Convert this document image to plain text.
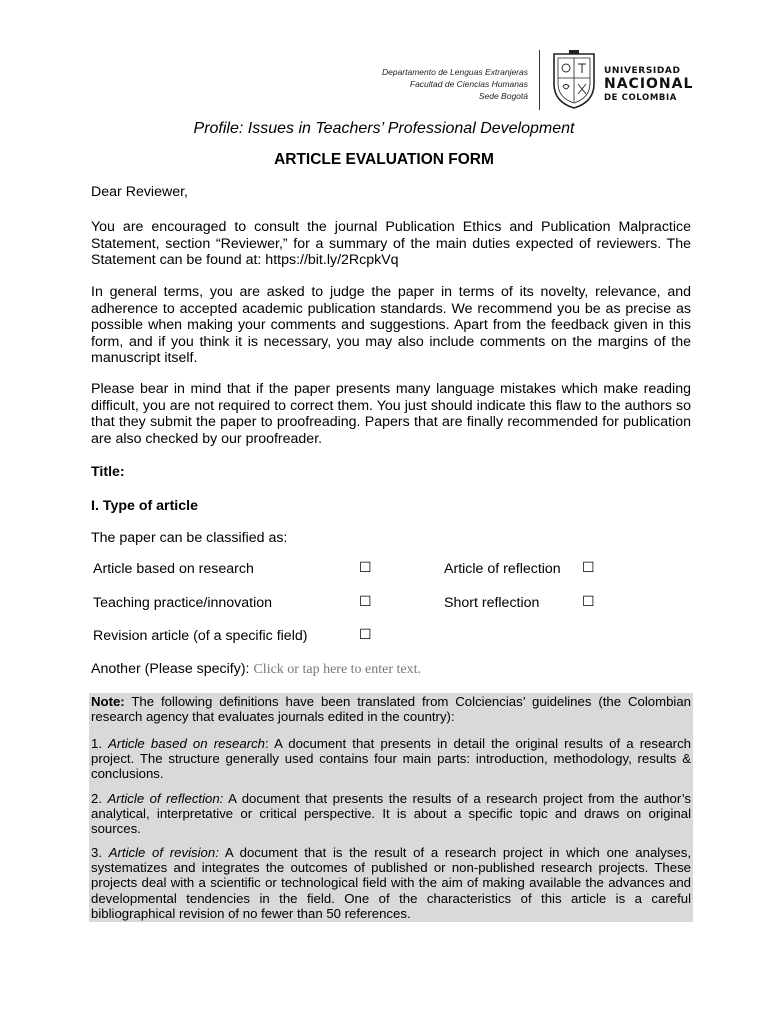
Departamento de Lenguas Extranjeras
Facultad de Ciencias Humanas
Sede Bogotá
UNIVERSIDAD
NACIONAL
DE COLOMBIA
Profile: Issues in Teachers’ Professional Development
ARTICLE EVALUATION FORM
Dear Reviewer,
You are encouraged to consult the journal Publication Ethics and Publication Malpractice Statement, section “Reviewer,” for a summary of the main duties expected of reviewers. The Statement can be found at: https://bit.ly/2RcpkVq
In general terms, you are asked to judge the paper in terms of its novelty, relevance, and adherence to accepted academic publication standards. We recommend you be as precise as possible when making your comments and suggestions. Apart from the feedback given in this form, and if you think it is necessary, you may also include comments on the margins of the manuscript itself.
Please bear in mind that if the paper presents many language mistakes which make reading difficult, you are not required to correct them. You just should indicate this flaw to the authors so that they submit the paper to proofreading. Papers that are finally recommended for publication are also checked by our proofreader.
Title:
I. Type of article
The paper can be classified as:
Article based on research	☐	Article of reflection ☐
Teaching practice/innovation	☐	Short reflection	☐
Revision article (of a specific field)	☐
Another (Please specify): Click or tap here to enter text.
Note: The following definitions have been translated from Colciencias’ guidelines (the Colombian research agency that evaluates journals edited in the country):
1. Article based on research: A document that presents in detail the original results of a research project. The structure generally used contains four main parts: introduction, methodology, results & conclusions.
2. Article of reflection: A document that presents the results of a research project from the author’s analytical, interpretative or critical perspective. It is about a specific topic and draws on original sources.
3. Article of revision: A document that is the result of a research project in which one analyses, systematizes and integrates the outcomes of published or non-published research projects. These projects deal with a scientific or technological field with the aim of making available the advances and developmental tendencies in the field. One of the characteristics of this article is a careful bibliographical revision of no fewer than 50 references.
